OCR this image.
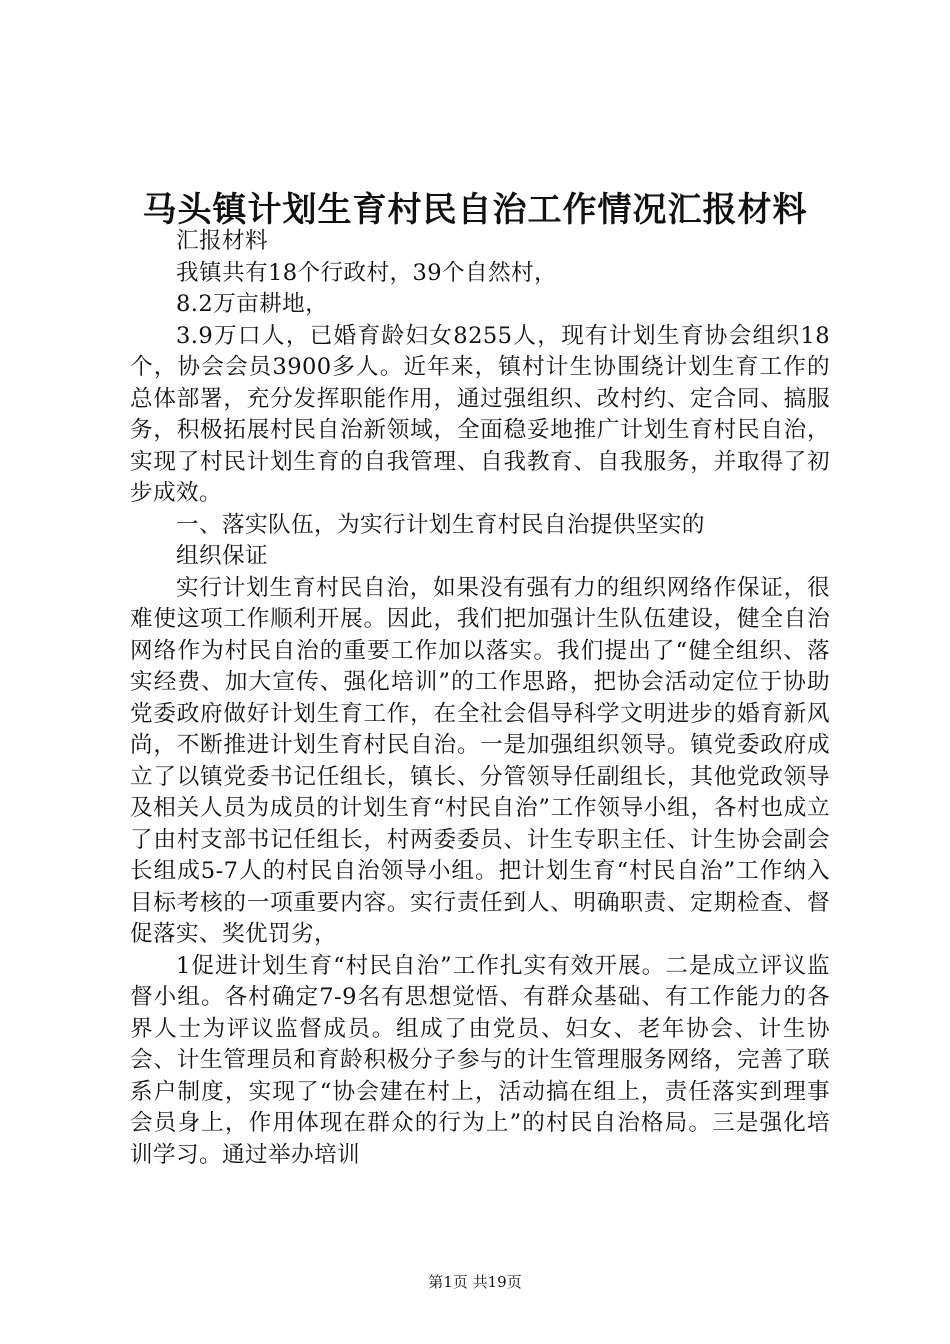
马头镇计划生育村民自治工作情况汇报材料

汇报材料

我镇共有18个行政村，39个自然村，

8.2万亩耕地，

3.9万口人，已婚育龄妇女8255人，现有计划生育协会组织18个，协会会员3900多人。近年来，镇村计生协围绕计划生育工作的总体部署，充分发挥职能作用，通过强组织、改村约、定合同、搞服务，积极拓展村民自治新领域，全面稳妥地推广计划生育村民自治，实现了村民计划生育的自我管理、自我教育、自我服务，并取得了初步成效。

一、落实队伍，为实行计划生育村民自治提供坚实的

组织保证

实行计划生育村民自治，如果没有强有力的组织网络作保证，很难使这项工作顺利开展。因此，我们把加强计生队伍建设，健全自治网络作为村民自治的重要工作加以落实。我们提出了“健全组织、落实经费、加大宣传、强化培训”的工作思路，把协会活动定位于协助党委政府做好计划生育工作，在全社会倡导科学文明进步的婚育新风尚，不断推进计划生育村民自治。一是加强组织领导。镇党委政府成立了以镇党委书记任组长，镇长、分管领导任副组长，其他党政领导及相关人员为成员的计划生育“村民自治”工作领导小组，各村也成立了由村支部书记任组长，村两委委员、计生专职主任、计生协会副会长组成5-7人的村民自治领导小组。把计划生育“村民自治”工作纳入目标考核的一项重要内容。实行责任到人、明确职责、定期检查、督促落实、奖优罚劣，

1促进计划生育“村民自治”工作扎实有效开展。二是成立评议监督小组。各村确定7-9名有思想觉悟、有群众基础、有工作能力的各界人士为评议监督成员。组成了由党员、妇女、老年协会、计生协会、计生管理员和育龄积极分子参与的计生管理服务网络，完善了联系户制度，实现了“协会建在村上，活动搞在组上，责任落实到理事会员身上，作用体现在群众的行为上”的村民自治格局。三是强化培训学习。通过举办培训

第1页 共19页
